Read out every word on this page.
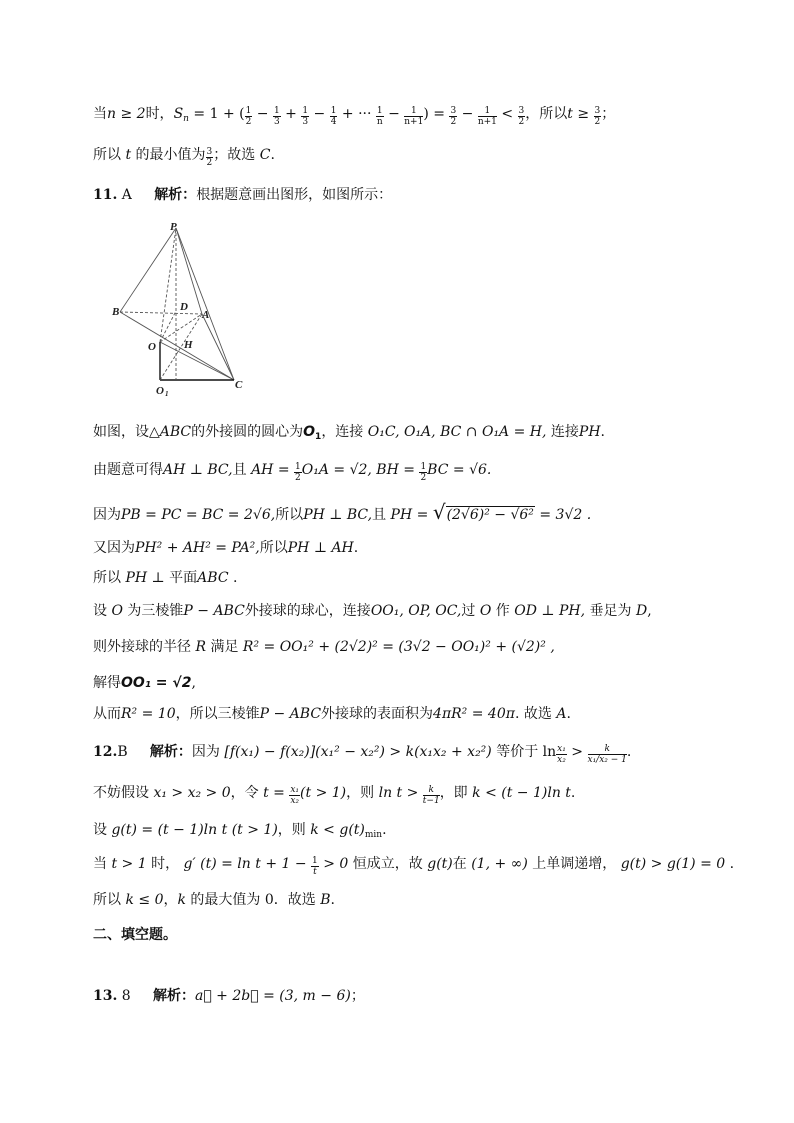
当n ≥ 2时，$S_n = 1$ + ( $\frac{1}{2} - \frac{1}{3} + \frac{1}{3} - \frac{1}{4}$ + ··· $\frac{1}{n} - \frac{1}{n+1}$ ) = $\frac{3}{2} - \frac{1}{n+1} < \frac{3}{2}$ ，所以$t \ge \frac{3}{2}$ ；
所以 t 的最小值为 $\frac{3}{2}$ ；故选 C.
11. A 解析：根据题意画出图形，如图所示：
P
B	D
A
O	H
O 1
C
如图，设△ABC的外接圆的圆心为$O_1$，连接 O₁C, O₁A, BC ∩ O₁A = H, 连接PH.
由题意可得AH ⊥ BC,且 AH = $\frac{1}{2} O_1A = √2$, BH = $\frac{1}{2}$ BC = √6.
因为PB = PC = BC = 2√6,所以PH ⊥ BC,且 PH = √(2√6)² − √6² = 3√2 .
又因为PH² + AH² = PA²,所以PH ⊥ AH.
所以 PH ⊥ 平面ABC .
设 O 为三棱锥P − ABC外接球的球心，连接OO₁, OP, OC,过 O 作 OD ⊥ PH, 垂足为 D,
则外接球的半径 R 满足 R² = OO₁² + (2√2)² = (3√2 − OO₁)² + (√2)² ,
解得OO₁ = √2,
从而R² = 10，所以三棱锥P − ABC外接球的表面积为4πR² = 40π. 故选 A.
12.B 解析：因为 [f(x₁) − f(x₂)](x₁² − x₂²) > k(x₁x₂ + x₂²) 等价于 $\ln \frac{\text{x₁}}{\text{x₂}} > \frac{k}{\text{x₁/x₂ − 1}}$ .
不妨假设 x₁ > x₂ > 0，令 $t = \frac{\text{x₁}}{\text{x₂}} (t > 1)$，则 $\ln t > \frac{k}{t-1}$ ，即 k < (t − 1)ln t.
设 g(t) = (t − 1)ln t (t > 1)，则 $k < g(t)_{min}$.
当 t > 1 时， g′ $(t) = \ln t + 1 - \frac{1}{t} > 0$ 恒成立，故 g(t)在 (1, + ∞) 上单调递增， g(t) > g(1) = 0 .
所以 k ≤ 0，k 的最大值为 0．故选 B.
二、填空题。
13. 8 解析：a⃗ + 2b⃗ = (3, m − 6)；
